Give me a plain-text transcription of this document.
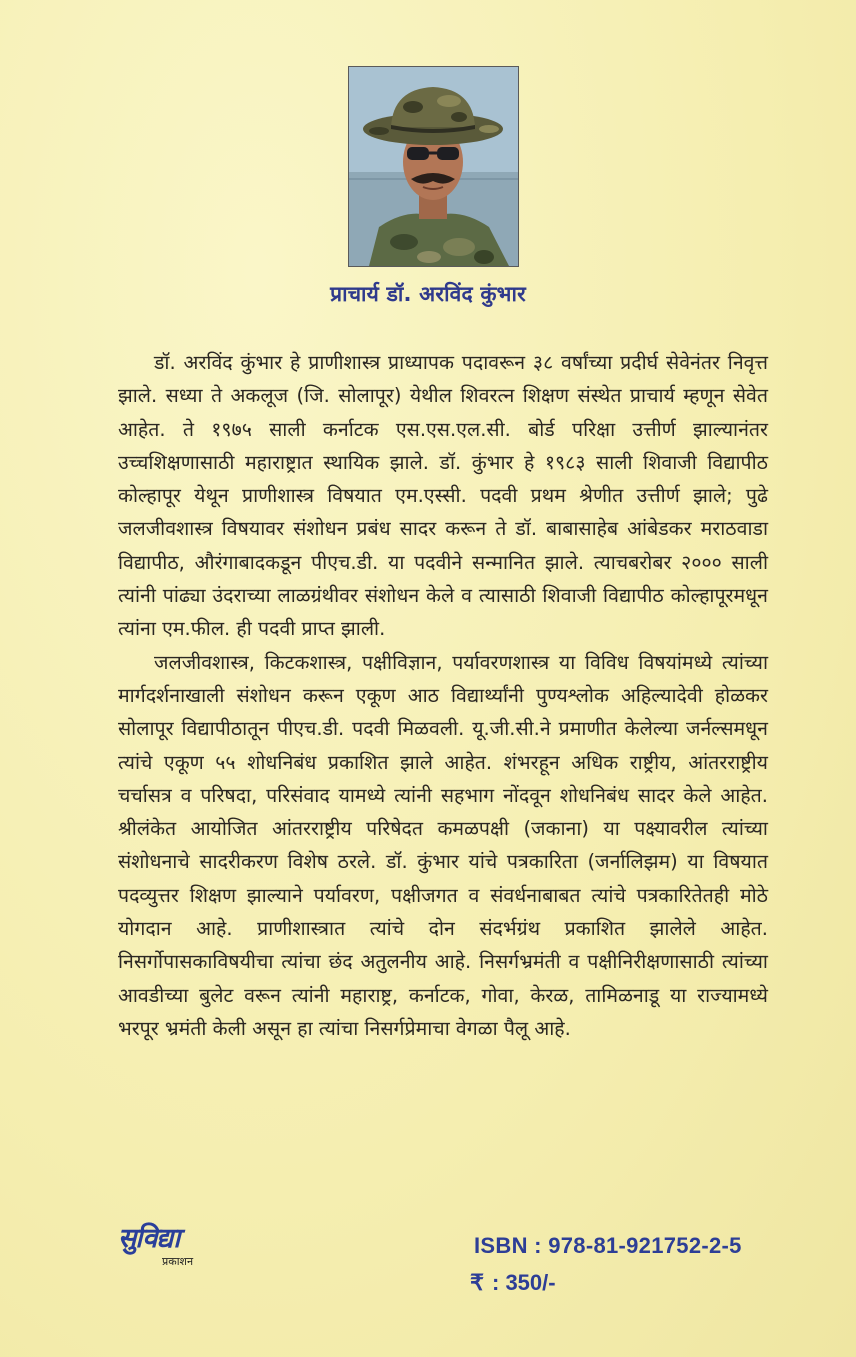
प्राचार्य डॉ. अरविंद कुंभार

डॉ. अरविंद कुंभार हे प्राणीशास्त्र प्राध्यापक पदावरून ३८ वर्षांच्या प्रदीर्घ सेवेनंतर निवृत्त झाले. सध्या ते अकलूज (जि. सोलापूर) येथील शिवरत्न शिक्षण संस्थेत प्राचार्य म्हणून सेवेत आहेत. ते १९७५ साली कर्नाटक एस.एस.एल.सी. बोर्ड परिक्षा उत्तीर्ण झाल्यानंतर उच्चशिक्षणासाठी महाराष्ट्रात स्थायिक झाले. डॉ. कुंभार हे १९८३ साली शिवाजी विद्यापीठ कोल्हापूर येथून प्राणीशास्त्र विषयात एम.एस्सी. पदवी प्रथम श्रेणीत उत्तीर्ण झाले; पुढे जलजीवशास्त्र विषयावर संशोधन प्रबंध सादर करून ते डॉ. बाबासाहेब आंबेडकर मराठवाडा विद्यापीठ, औरंगाबादकडून पीएच.डी. या पदवीने सन्मानित झाले. त्याचबरोबर २००० साली त्यांनी पांढ्या उंदराच्या लाळग्रंथीवर संशोधन केले व त्यासाठी शिवाजी विद्यापीठ कोल्हापूरमधून त्यांना एम.फील. ही पदवी प्राप्त झाली.

जलजीवशास्त्र, किटकशास्त्र, पक्षीविज्ञान, पर्यावरणशास्त्र या विविध विषयांमध्ये त्यांच्या मार्गदर्शनाखाली संशोधन करून एकूण आठ विद्यार्थ्यांनी पुण्यश्लोक अहिल्यादेवी होळकर सोलापूर विद्यापीठातून पीएच.डी. पदवी मिळवली. यू.जी.सी.ने प्रमाणीत केलेल्या जर्नल्समधून त्यांचे एकूण ५५ शोधनिबंध प्रकाशित झाले आहेत. शंभरहून अधिक राष्ट्रीय, आंतरराष्ट्रीय चर्चासत्र व परिषदा, परिसंवाद यामध्ये त्यांनी सहभाग नोंदवून शोधनिबंध सादर केले आहेत. श्रीलंकेत आयोजित आंतरराष्ट्रीय परिषेदत कमळपक्षी (जकाना) या पक्ष्यावरील त्यांच्या संशोधनाचे सादरीकरण विशेष ठरले. डॉ. कुंभार यांचे पत्रकारिता (जर्नालिझम) या विषयात पदव्युत्तर शिक्षण झाल्याने पर्यावरण, पक्षीजगत व संवर्धनाबाबत त्यांचे पत्रकारितेतही मोठे योगदान आहे. प्राणीशास्त्रात त्यांचे दोन संदर्भग्रंथ प्रकाशित झालेले आहेत. निसर्गोपासकाविषयीचा त्यांचा छंद अतुलनीय आहे. निसर्गभ्रमंती व पक्षीनिरीक्षणासाठी त्यांच्या आवडीच्या बुलेट वरून त्यांनी महाराष्ट्र, कर्नाटक, गोवा, केरळ, तामिळनाडू या राज्यामध्ये भरपूर भ्रमंती केली असून हा त्यांचा निसर्गप्रेमाचा वेगळा पैलू आहे.

सुविद्या
प्रकाशन
ISBN : 978-81-921752-2-5
₹ : 350/-
